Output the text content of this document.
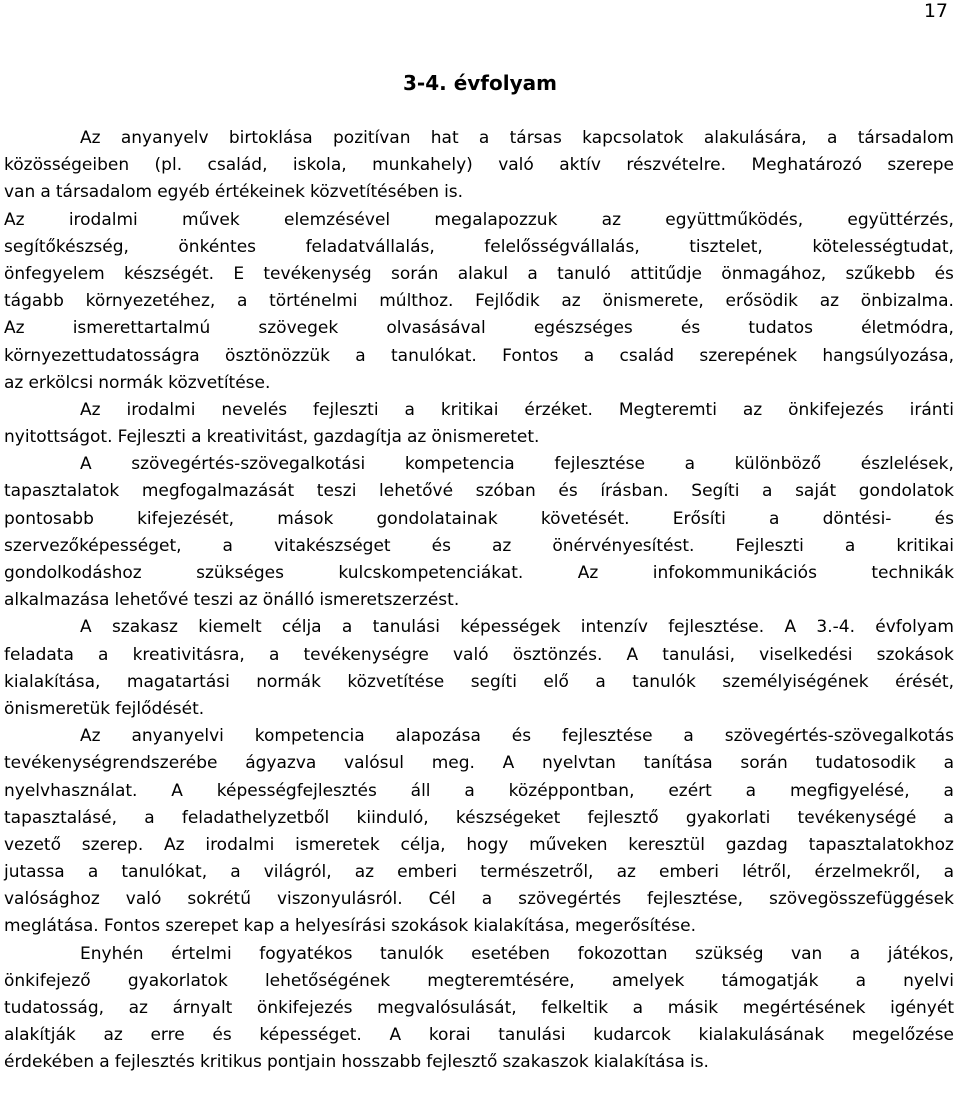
17
3-4. évfolyam
Az anyanyelv birtoklása pozitívan hat a társas kapcsolatok alakulására, a társadalom
közösségeiben (pl. család, iskola, munkahely) való aktív részvételre. Meghatározó szerepe
van a társadalom egyéb értékeinek közvetítésében is.
Az	irodalmi	művek	elemzésével	megalapozzuk	az	együttműködés,	együttérzés,
segítőkészség,	önkéntes	feladatvállalás,	felelősségvállalás,	tisztelet,	kötelességtudat,
önfegyelem készségét. E tevékenység során alakul a tanuló attitűdje önmagához, szűkebb és
tágabb környezetéhez, a történelmi múlthoz. Fejlődik az önismerete, erősödik az önbizalma.
Az	ismerettartalmú	szövegek	olvasásával	egészséges	és	tudatos	életmódra,
környezettudatosságra ösztönözzük a tanulókat. Fontos a család szerepének hangsúlyozása,
az erkölcsi normák közvetítése.
Az irodalmi nevelés fejleszti a kritikai érzéket. Megteremti az önkifejezés iránti
nyitottságot. Fejleszti a kreativitást, gazdagítja az önismeretet.
A szövegértés-szövegalkotási kompetencia fejlesztése a különböző észlelések,
tapasztalatok megfogalmazását teszi lehetővé szóban és írásban. Segíti a saját gondolatok
pontosabb	kifejezését,	mások	gondolatainak	követését.	Erősíti	a	döntési-	és
szervezőképességet, a vitakészséget és az önérvényesítést. Fejleszti a kritikai
gondolkodáshoz	szükséges	kulcskompetenciákat.	Az	infokommunikációs	technikák
alkalmazása lehetővé teszi az önálló ismeretszerzést.
A szakasz kiemelt célja a tanulási képességek intenzív fejlesztése. A 3.-4. évfolyam
feladata a kreativitásra, a tevékenységre való ösztönzés. A tanulási, viselkedési szokások
kialakítása, magatartási normák közvetítése segíti elő a tanulók személyiségének érését,
önismeretük fejlődését.
Az anyanyelvi kompetencia alapozása és fejlesztése a szövegértés-szövegalkotás
tevékenységrendszerébe ágyazva valósul meg. A nyelvtan tanítása során tudatosodik a
nyelvhasználat. A képességfejlesztés áll a középpontban, ezért a megfigyelésé, a
tapasztalásé, a feladathelyzetből kiinduló, készségeket fejlesztő gyakorlati tevékenységé a
vezető szerep. Az irodalmi ismeretek célja, hogy műveken keresztül gazdag tapasztalatokhoz
jutassa a tanulókat, a világról, az emberi természetről, az emberi létről, érzelmekről, a
valósághoz való sokrétű viszonyulásról. Cél a szövegértés fejlesztése, szövegösszefüggések
meglátása. Fontos szerepet kap a helyesírási szokások kialakítása, megerősítése.
Enyhén értelmi fogyatékos tanulók esetében fokozottan szükség van a játékos,
önkifejező gyakorlatok lehetőségének megteremtésére, amelyek támogatják a nyelvi
tudatosság, az árnyalt önkifejezés megvalósulását, felkeltik a másik megértésének igényét
alakítják az erre és képességet. A korai tanulási kudarcok kialakulásának megelőzése
érdekében a fejlesztés kritikus pontjain hosszabb fejlesztő szakaszok kialakítása is.
